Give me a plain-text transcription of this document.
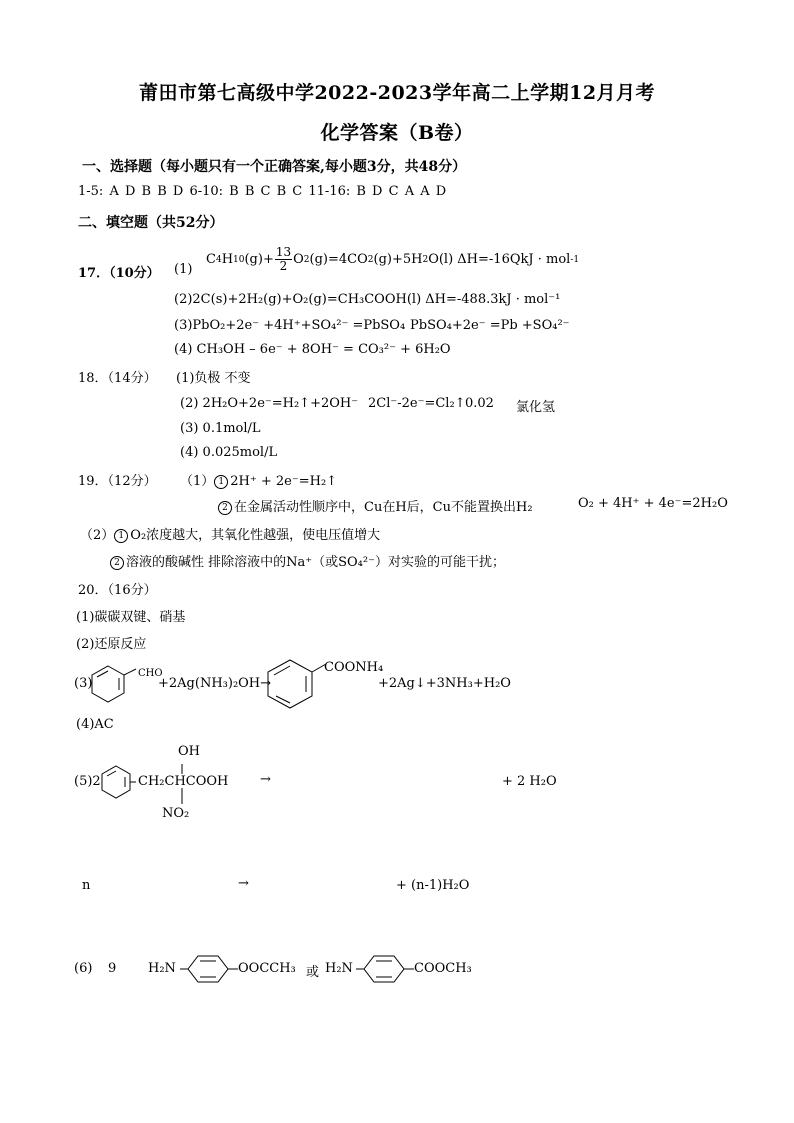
莆田市第七高级中学2022-2023学年高二上学期12月月考
化学答案（B卷）
一、选择题（每小题只有一个正确答案,每小题3分，共48分）
1-5: A D B B D 6-10: B B C B C 11-16: B D C A A D
二、填空题（共52分）
17．（10分） (1)
C 4 H 10 $(g)+ \frac{13}{2}$ O 2 (g)=4CO 2 (g)+5H 2 O(l) ΔH=-16QkJ · mol -1
(2)2C(s)+2H₂(g)+O₂(g)=CH₃COOH(l) ΔH=-488.3kJ · mol⁻¹
(3)PbO₂+2e⁻ +4H⁺+SO₄²⁻ =PbSO₄ PbSO₄+2e⁻ =Pb +SO₄²⁻
(4) CH₃OH – 6e⁻ + 8OH⁻ = CO₃²⁻ + 6H₂O
18．（14分） (1)负极 不变
(2) 2H₂O+2e⁻=H₂↑+2OH⁻ 2Cl⁻-2e⁻=Cl₂↑ 0.02 氯化氢
(3) 0.1mol/L
(4) 0.025mol/L
19．（12分） （1） 1 2H⁺ + 2e⁻=H₂↑
2 在金属活动性顺序中，Cu在H后，Cu不能置换出H₂	O₂ + 4H⁺ + 4e⁻=2H₂O
（2） 1 O₂浓度越大，其氧化性越强，使电压值增大
2 溶液的酸碱性 排除溶液中的Na⁺（或SO₄²⁻）对实验的可能干扰；
20．（16分）
(1)碳碳双键、硝基
(2)还原反应
(3)
CHO
+2Ag(NH₃)₂OH→
COONH₄
+2Ag↓+3NH₃+H₂O
(4)AC
(5)2
OH
CH₂CHCOOH
NO₂
→	+ 2 H₂O
n	→	+ (n-1)H₂O
(6) 9 H₂N	OOCCH₃ 或 H₂N	COOCH₃
